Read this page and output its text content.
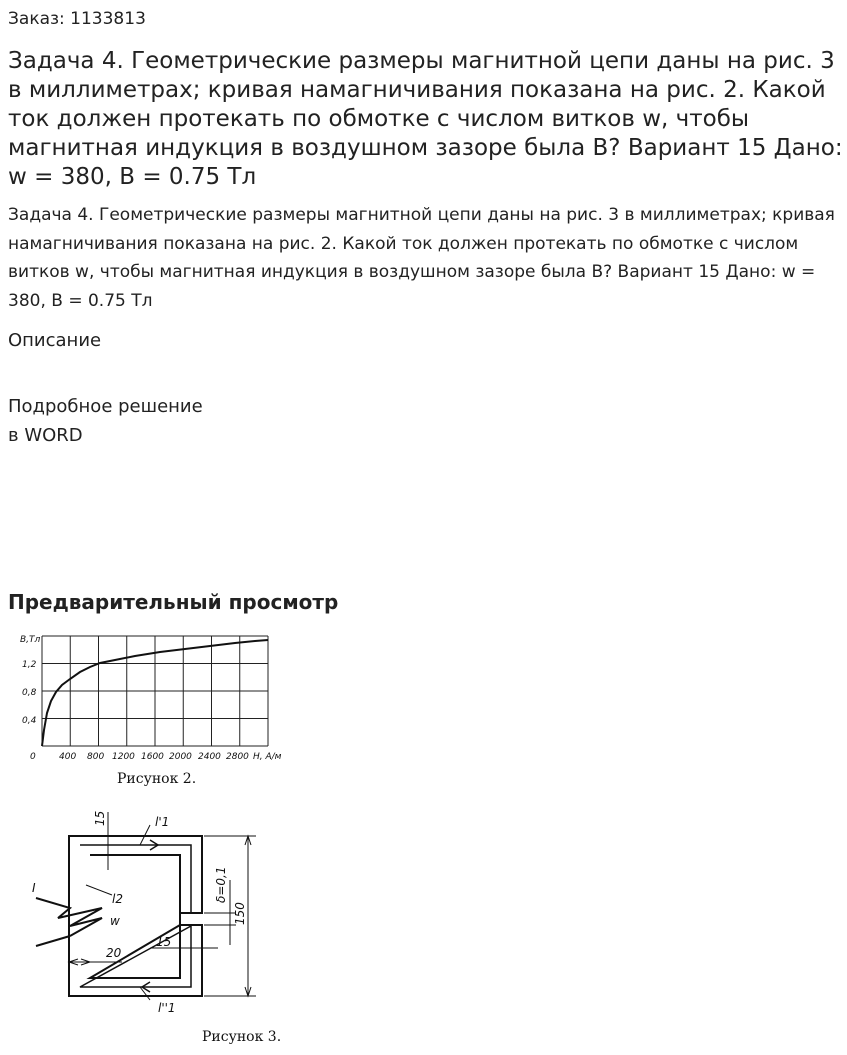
Заказ: 1133813
Задача 4. Геометрические размеры магнитной цепи даны на рис. 3 в миллиметрах; кривая намагничивания показана на рис. 2. Какой ток должен протекать по обмотке с числом витков w, чтобы магнитная индукция в воздушном зазоре была B? Вариант 15 Дано: w = 380, B = 0.75 Тл
Задача 4. Геометрические размеры магнитной цепи даны на рис. 3 в миллиметрах; кривая намагничивания показана на рис. 2. Какой ток должен протекать по обмотке с числом витков w, чтобы магнитная индукция в воздушном зазоре была B? Вариант 15 Дано: w = 380, B = 0.75 Тл
Описание
Подробное решение
в WORD
Предварительный просмотр
B,Тл
1,2
0,8
0,4
0	400 800 1200 1600 2000 2400 2800 H, А/м
Рисунок 2.
15	l'1
δ=0,1
150
I
l2
w
20
15
l''1
Рисунок 3.
